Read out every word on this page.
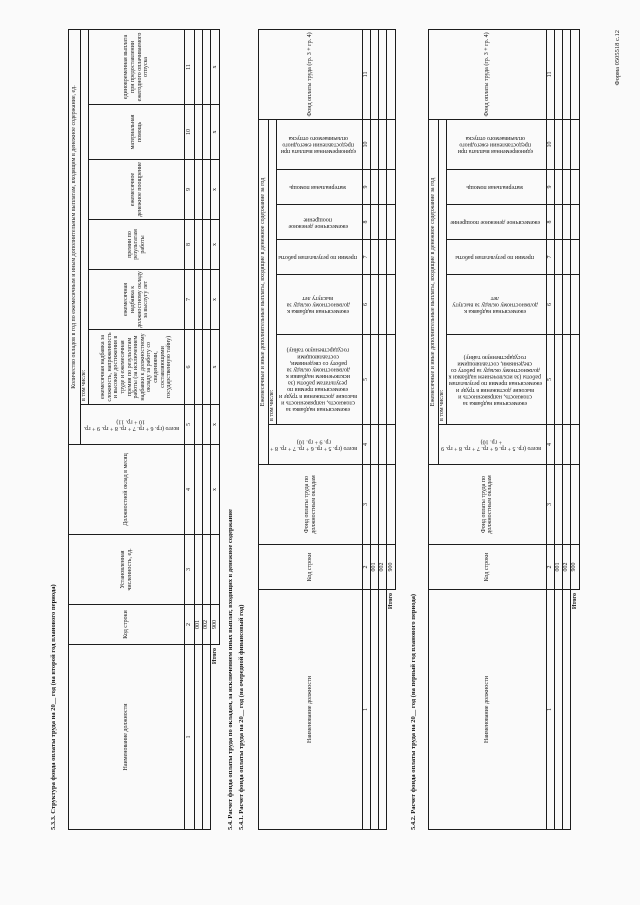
Форма 0505518 с.12
5.3.3. Структура фонда оплаты труда на 20__ год (на второй год планового периода)	Наименование должности	Код строки	Установленная численность, ед.	Должностной оклад в месяц	Количество окладов в год по ежемесячным и иным дополнительным выплатам, входящим в денежное содержание, ед.						
				всего (гр. 6 + гр. 7 + гр. 8 + гр. 9 + гр. 10 + гр. 11)	в том числе:					
					ежемесячная надбавка за сложность, напряженность и высокие достижения в труде и ежемесячная премия по результатам работы (за исключением надбавки к должностному окладу за работу со сведениями, составляющими государственную тайну)	ежемесячная надбавка к должностному окладу за выслугу лет	премии по результатам работы	ежемесячное денежное поощрение	материальная помощь	единовременная выплата при предоставлении ежегодного оплачиваемого отпуска
1	2	3	4	5	6	7	8	9	10	11
	001									
	002									
Итого	900		x	x	x	x	x	x	x	x
5.4. Расчет фонда оплаты труда по окладам, за исключением иных выплат, входящих в денежное содержание 5.4.1. Расчет фонда оплаты труда на 20__ год (на очередной финансовый год)	Наименование должности	Код строки	Фонд оплаты труда по должностным окладам	Ежемесячные и иные дополнительные выплаты, входящие в денежное содержание за год							Фонд оплаты труда (гр. 3 + гр. 4)
			всего (гр. 5 + гр. 6 + гр. 7 + гр. 8 + гр. 9 + гр. 10)	в том числе:						
				ежемесячная надбавка за сложность, напряженность и высокие достижения в труде и ежемесячная премия по результатам работы (за исключением надбавки к должностному окладу за работу со сведениями, составляющими государственную тайну)	ежемесячная надбавка к должностному окладу за выслугу лет	премии по результатам работы	ежемесячное денежное поощрение	материальная помощь	единовременная выплата при предоставлении ежегодного оплачиваемого отпуска	
1	2	3	4	5	6	7	8	9	10	11
	001									
	002									
Итого	900									
5.4.2. Расчет фонда оплаты труда на 20__ год (на первый год планового периода)	Наименование должности	Код строки	Фонд оплаты труда по должностным окладам	Ежемесячные и иные дополнительные выплаты, входящие в денежное содержание за год							Фонд оплаты труда (гр. 3 + гр. 4)
			всего (гр. 5 + гр. 6 + гр. 7 + гр. 8 + гр. 9 + гр. 10)	в том числе:						
				ежемесячная надбавка за сложность, напряженность и высокие достижения в труде и ежемесячная премия по результатам работы (за исключением надбавки к должностному окладу за работу со сведениями, составляющими государственную тайну)	ежемесячная надбавка к должностному окладу за выслугу лет	премии по результатам работы	ежемесячное денежное поощрение	материальная помощь	единовременная выплата при предоставлении ежегодного оплачиваемого отпуска	
1	2	3	4	5	6	7	8	9	10	11
	001									
	002									
Итого	900									
